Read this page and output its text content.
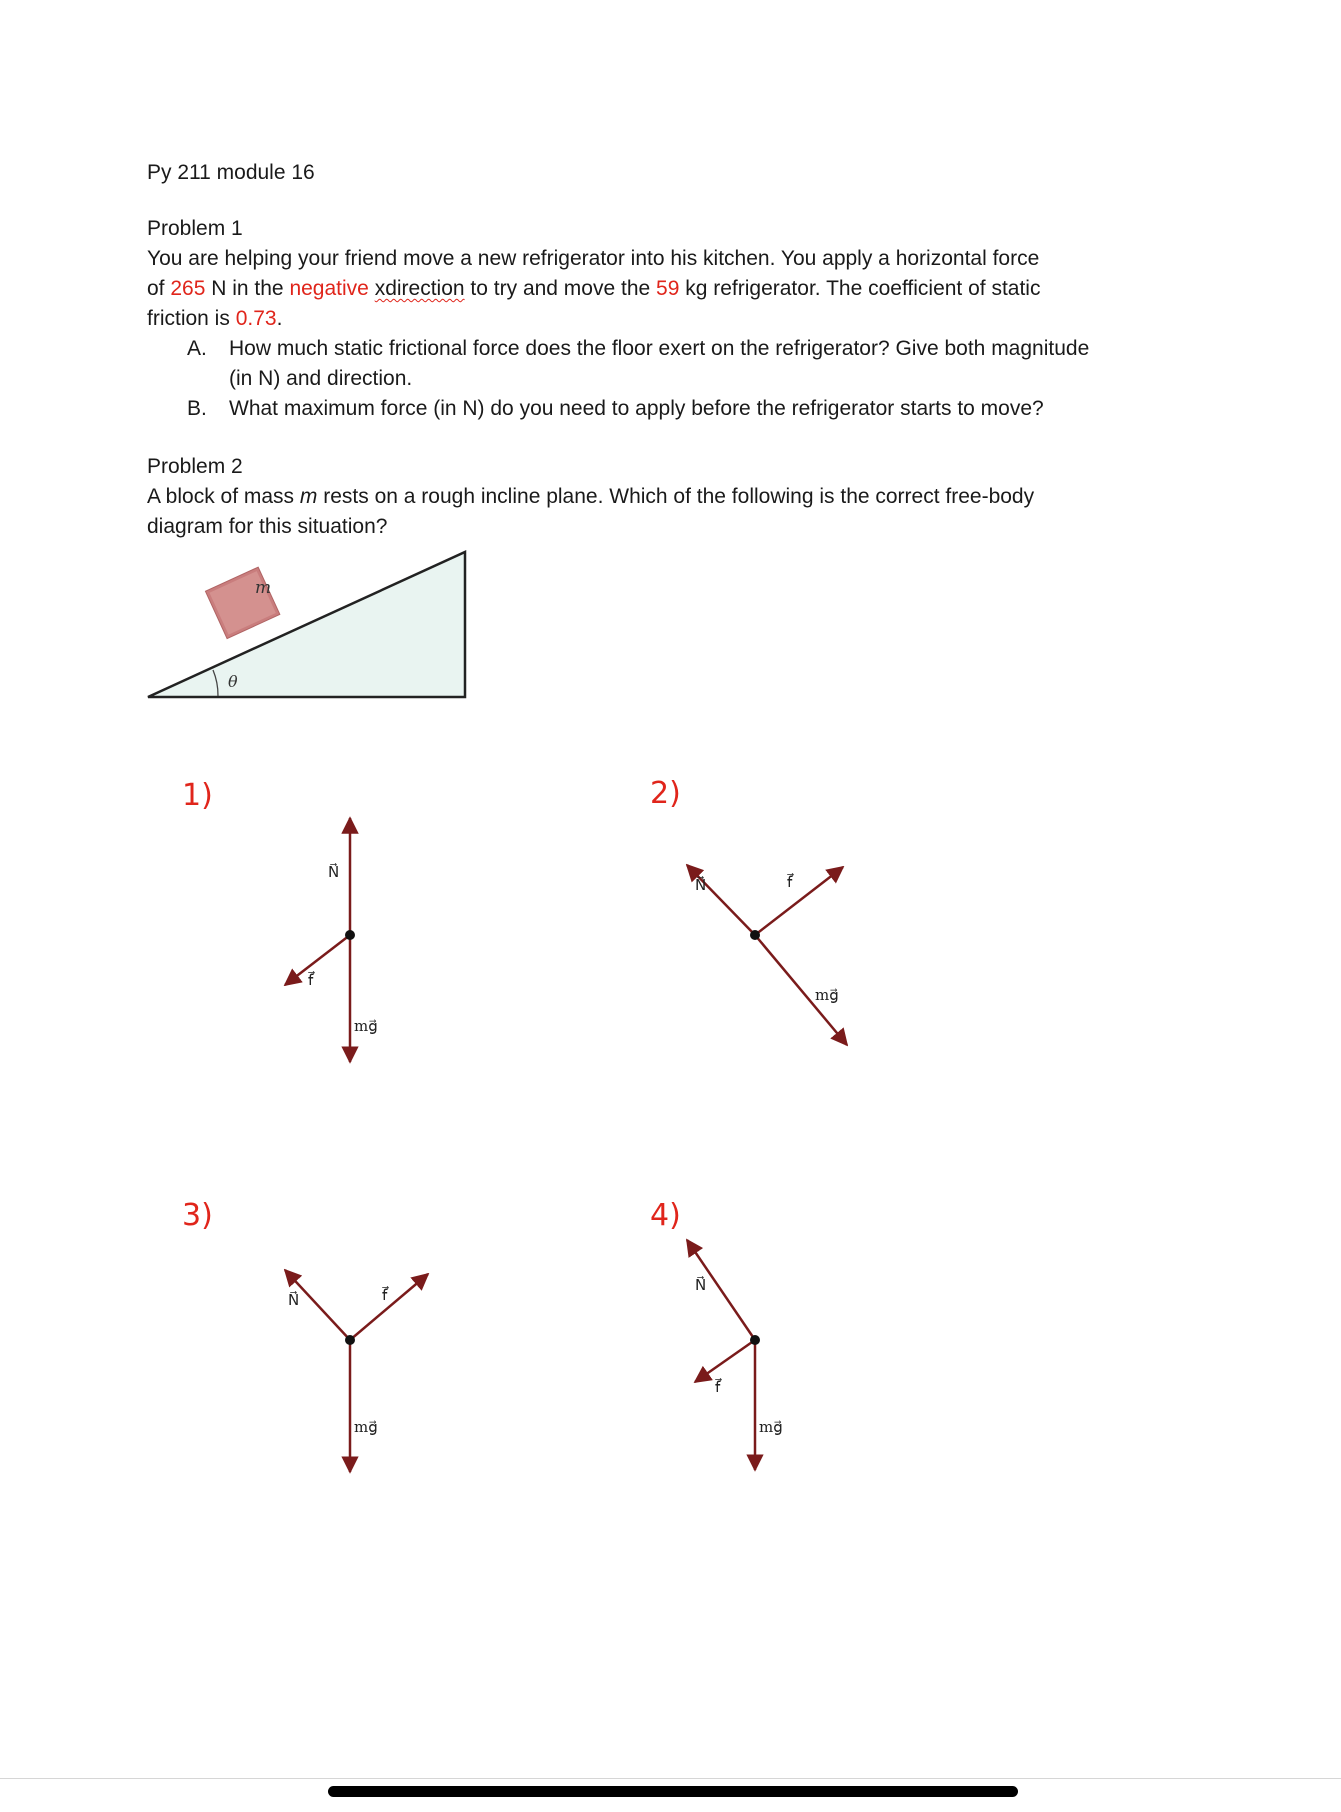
Py 211 module 16

Problem 1

You are helping your friend move a new refrigerator into his kitchen. You apply a horizontal force

of 265 N in the negative xdirection to try and move the 59 kg refrigerator. The coefficient of static

friction is 0.73.

A. How much static frictional force does the floor exert on the refrigerator? Give both magnitude
(in N) and direction.
B. What maximum force (in N) do you need to apply before the refrigerator starts to move?

Problem 2

A block of mass m rests on a rough incline plane. Which of the following is the correct free-body

diagram for this situation?

m
θ
1)
N⃗
f⃗
mg⃗
2)
N⃗	f⃗
mg⃗
3)
N⃗	f⃗
mg⃗
4)
N⃗
f⃗
mg⃗
